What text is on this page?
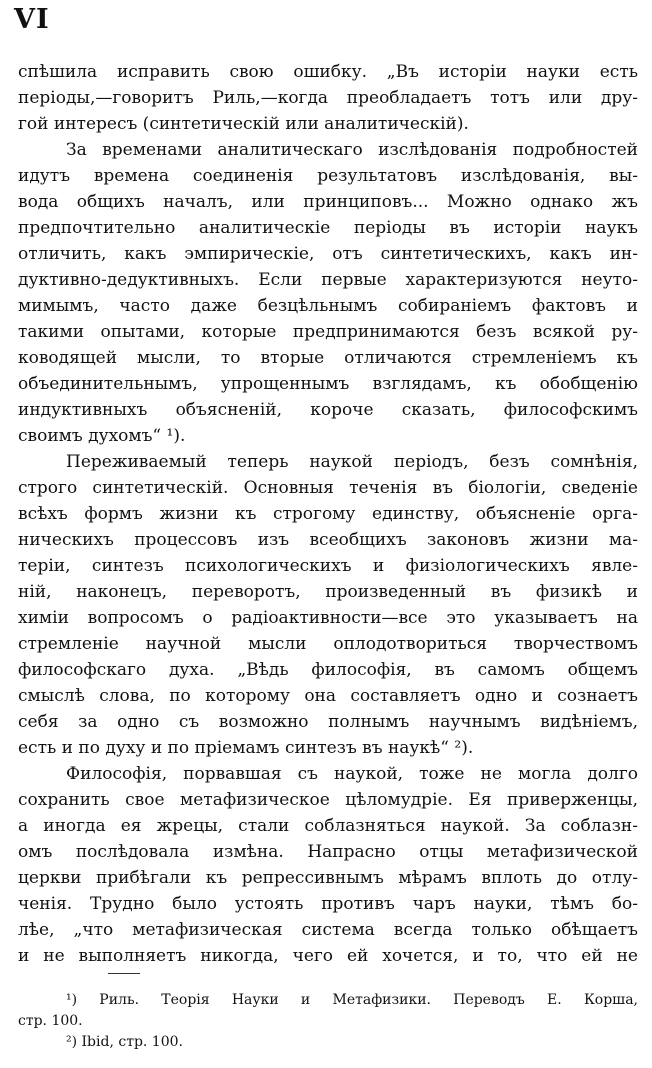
VI
спѣшила исправить свою ошибку. „Въ исторіи науки есть
періоды,—говоритъ Риль,—когда преобладаетъ тотъ или дру-
гой интересъ (синтетическій или аналитическій).
За временами аналитическаго изслѣдованія подробностей
идутъ времена соединенія результатовъ изслѣдованія, вы-
вода общихъ началъ, или принциповъ... Можно однако жъ
предпочтительно аналитическіе періоды въ исторіи наукъ
отличить, какъ эмпирическіе, отъ синтетическихъ, какъ ин-
дуктивно-дедуктивныхъ. Если первые характеризуются неуто-
мимымъ, часто даже безцѣльнымъ собираніемъ фактовъ и
такими опытами, которые предпринимаются безъ всякой ру-
ководящей мысли, то вторые отличаются стремленіемъ къ
объединительнымъ, упрощеннымъ взглядамъ, къ обобщенію
индуктивныхъ объясненій, короче сказать, философскимъ
своимъ духомъ“ ¹).
Переживаемый теперь наукой періодъ, безъ сомнѣнія,
строго синтетическій. Основныя теченія въ біологіи, сведеніе
всѣхъ формъ жизни къ строгому единству, объясненіе орга-
ническихъ процессовъ изъ всеобщихъ законовъ жизни ма-
теріи, синтезъ психологическихъ и физіологическихъ явле-
ній, наконецъ, переворотъ, произведенный въ физикѣ и
химіи вопросомъ о радіоактивности—все это указываетъ на
стремленіе научной мысли оплодотвориться творчествомъ
философскаго духа. „Вѣдь философія, въ самомъ общемъ
смыслѣ слова, по которому она составляетъ одно и сознаетъ
себя за одно съ возможно полнымъ научнымъ видѣніемъ,
есть и по духу и по пріемамъ синтезъ въ наукѣ“ ²).
Философія, порвавшая съ наукой, тоже не могла долго
сохранить свое метафизическое цѣломудріе. Ея приверженцы,
а иногда ея жрецы, стали соблазняться наукой. За соблазн-
омъ послѣдовала измѣна. Напрасно отцы метафизической
церкви прибѣгали къ репрессивнымъ мѣрамъ вплоть до отлу-
ченія. Трудно было устоять противъ чаръ науки, тѣмъ бо-
лѣе, „что метафизическая система всегда только обѣщаетъ
и не выполняетъ никогда, чего ей хочется, и то, что ей не
¹) Риль. Теорія Науки и Метафизики. Переводъ Е. Корша,
стр. 100.
²) Ibid, стр. 100.
